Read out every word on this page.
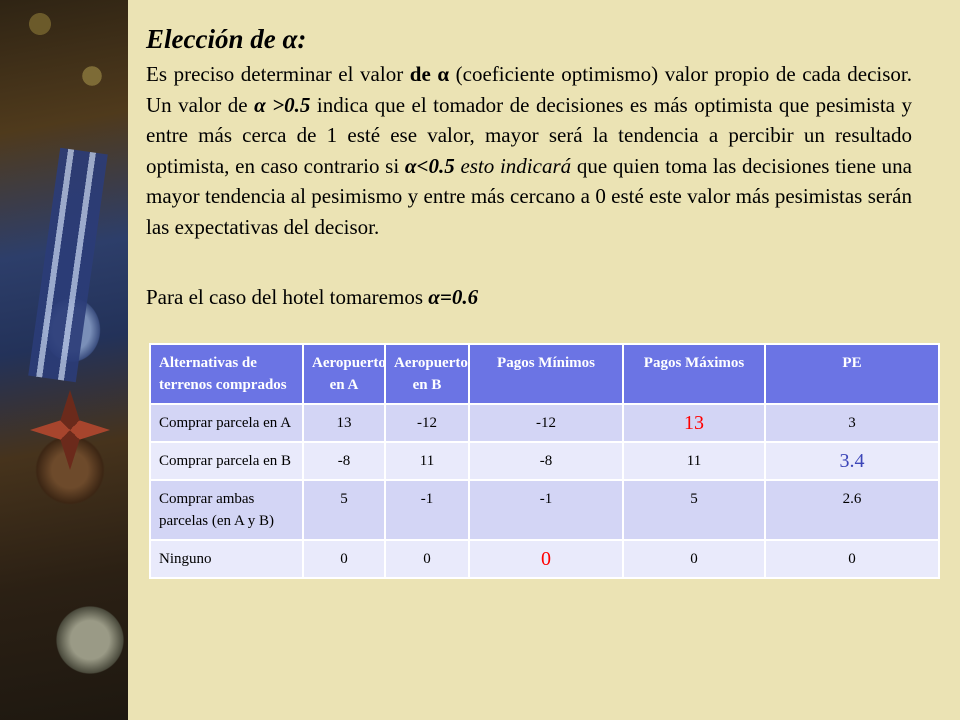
Elección de α:

Es preciso determinar el valor de α (coeficiente optimismo) valor propio de cada decisor. Un valor de α >0.5 indica que el tomador de decisiones es más optimista que pesimista y entre más cerca de 1 esté ese valor, mayor será la tendencia a percibir un resultado optimista, en caso contrario si α<0.5 esto indicará que quien toma las decisiones tiene una mayor tendencia al pesimismo y entre más cercano a 0 esté este valor más pesimistas serán las expectativas del decisor.

Para el caso del hotel tomaremos α=0.6

Alternativas de terrenos comprados	Aeropuerto en A	Aeropuerto en B	Pagos Mínimos	Pagos Máximos	PE
Comprar parcela en A	13	-12	-12	13	3
Comprar parcela en B	-8	11	-8	11	3.4
Comprar ambas parcelas (en A y B)	5	-1	-1	5	2.6
Ninguno	0	0	0	0	0
